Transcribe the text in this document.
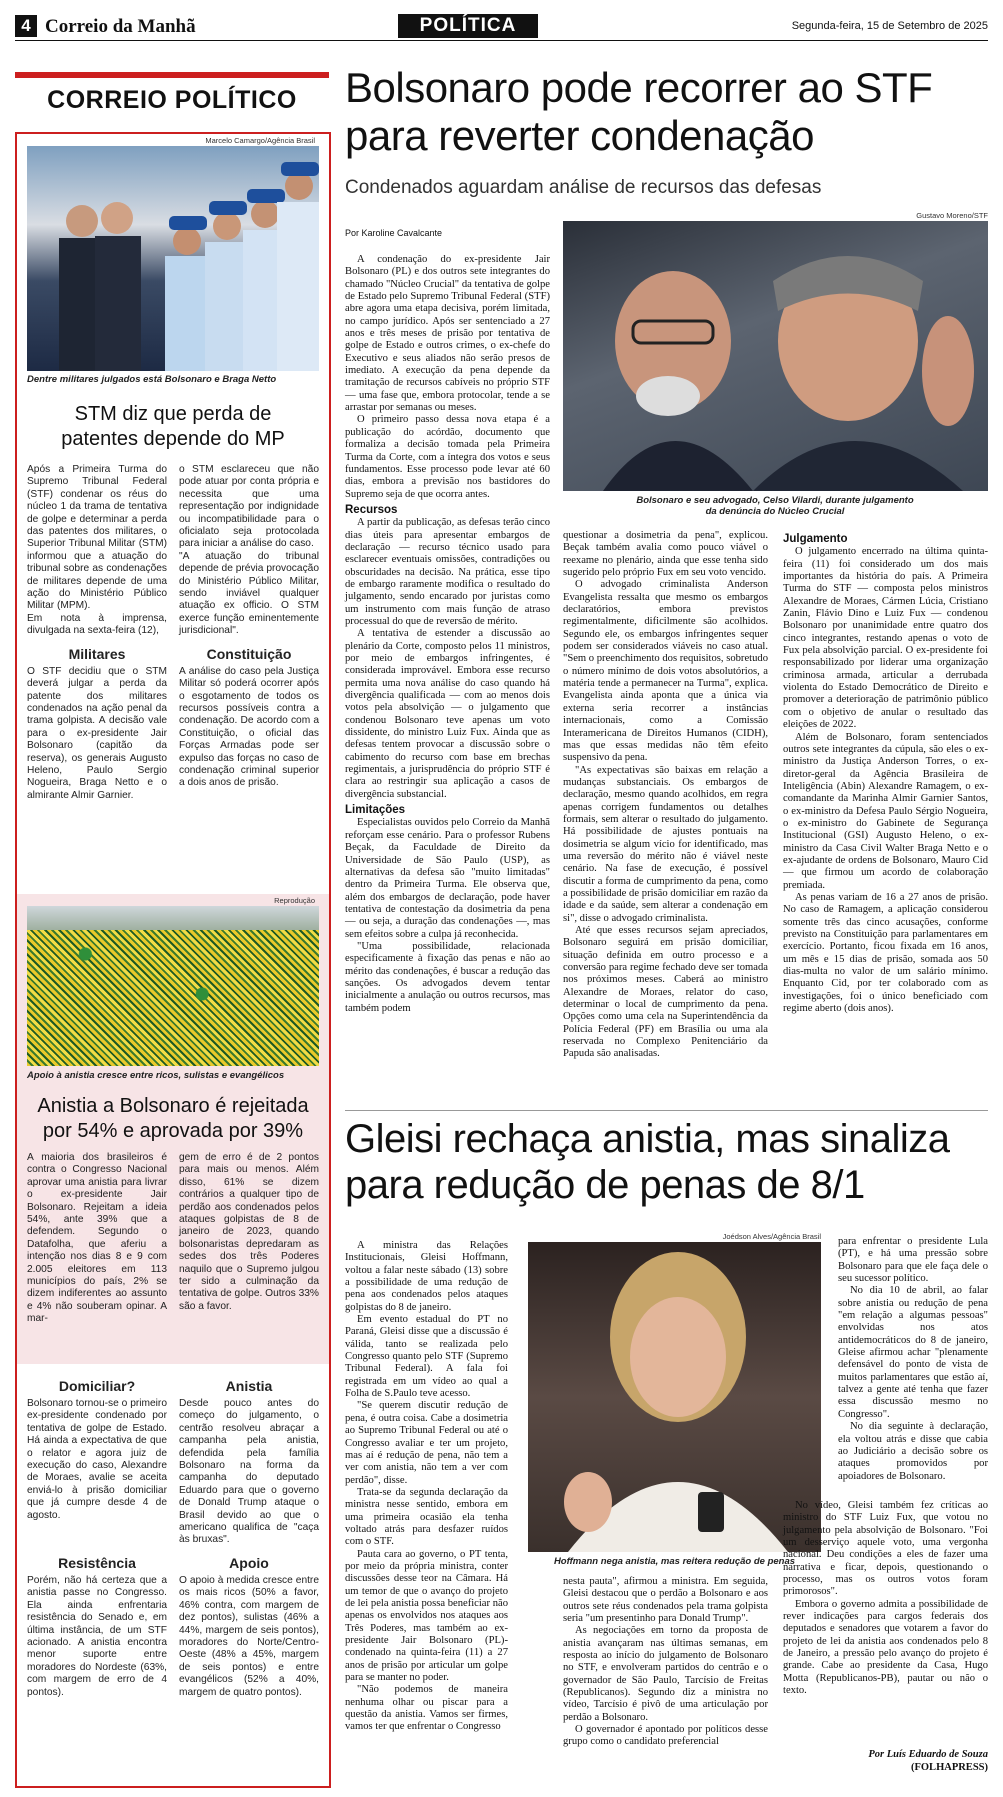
4 Correio da Manhã	POLÍTICA	Segunda-feira, 15 de Setembro de 2025
CORREIO POLÍTICO
Marcelo Camargo/Agência Brasil
Dentre militares julgados está Bolsonaro e Braga Netto
STM diz que perda de patentes depende do MP

Após a Primeira Turma do Supremo Tribunal Federal (STF) condenar os réus do núcleo 1 da trama de tentativa de golpe e determinar a perda das patentes dos militares, o Superior Tribunal Militar (STM) informou que a atuação do tribunal sobre as condenações de militares depende de uma ação do Ministério Público Militar (MPM).

Em nota à imprensa, divulgada na sexta-feira (12),

o STM esclareceu que não pode atuar por conta própria e necessita que uma representação por indignidade ou incompatibilidade para o oficialato seja protocolada para iniciar a análise do caso.

"A atuação do tribunal depende de prévia provocação do Ministério Público Militar, sendo inviável qualquer atuação ex officio. O STM exerce função eminentemente jurisdicional".

Militares

O STF decidiu que o STM deverá julgar a perda da patente dos militares condenados na ação penal da trama golpista. A decisão vale para o ex-presidente Jair Bolsonaro (capitão da reserva), os generais Augusto Heleno, Paulo Sergio Nogueira, Braga Netto e o almirante Almir Garnier.

Constituição

A análise do caso pela Justiça Militar só poderá ocorrer após o esgotamento de todos os recursos possíveis contra a condenação. De acordo com a Constituição, o oficial das Forças Armadas pode ser expulso das forças no caso de condenação criminal superior a dois anos de prisão.

Reprodução
Apoio à anistia cresce entre ricos, sulistas e evangélicos
Anistia a Bolsonaro é rejeitada por 54% e aprovada por 39%

A maioria dos brasileiros é contra o Congresso Nacional aprovar uma anistia para livrar o ex-presidente Jair Bolsonaro. Rejeitam a ideia 54%, ante 39% que a defendem. Segundo o Datafolha, que aferiu a intenção nos dias 8 e 9 com 2.005 eleitores em 113 municípios do país, 2% se dizem indiferentes ao assunto e 4% não souberam opinar. A mar-

gem de erro é de 2 pontos para mais ou menos. Além disso, 61% se dizem contrários a qualquer tipo de perdão aos condenados pelos ataques golpistas de 8 de janeiro de 2023, quando bolsonaristas depredaram as sedes dos três Poderes naquilo que o Supremo julgou ter sido a culminação da tentativa de golpe. Outros 33% são a favor.

Domiciliar?

Bolsonaro tornou-se o primeiro ex-presidente condenado por tentativa de golpe de Estado. Há ainda a expectativa de que o relator e agora juiz de execução do caso, Alexandre de Moraes, avalie se aceita enviá-lo à prisão domiciliar que já cumpre desde 4 de agosto.

Anistia

Desde pouco antes do começo do julgamento, o centrão resolveu abraçar a campanha pela anistia, defendida pela família Bolsonaro na forma da campanha do deputado Eduardo para que o governo de Donald Trump ataque o Brasil devido ao que o americano qualifica de "caça às bruxas".

Resistência

Porém, não há certeza que a anistia passe no Congresso. Ela ainda enfrentaria resistência do Senado e, em última instância, de um STF acionado. A anistia encontra menor suporte entre moradores do Nordeste (63%, com margem de erro de 4 pontos).

Apoio

O apoio à medida cresce entre os mais ricos (50% a favor, 46% contra, com margem de dez pontos), sulistas (46% a 44%, margem de seis pontos), moradores do Norte/Centro-Oeste (48% a 45%, margem de seis pontos) e entre evangélicos (52% a 40%, margem de quatro pontos).

Bolsonaro pode recorrer ao STF para reverter condenação
Condenados aguardam análise de recursos das defesas
Por Karoline Cavalcante
Gustavo Moreno/STF
Bolsonaro e seu advogado, Celso Vilardi, durante julgamento da denúncia do Núcleo Crucial

A condenação do ex-presidente Jair Bolsonaro (PL) e dos outros sete integrantes do chamado "Núcleo Crucial" da tentativa de golpe de Estado pelo Supremo Tribunal Federal (STF) abre agora uma etapa decisiva, porém limitada, no campo jurídico. Após ser sentenciado a 27 anos e três meses de prisão por tentativa de golpe de Estado e outros crimes, o ex-chefe do Executivo e seus aliados não serão presos de imediato. A execução da pena depende da tramitação de recursos cabíveis no próprio STF — uma fase que, embora protocolar, tende a se arrastar por semanas ou meses.

O primeiro passo dessa nova etapa é a publicação do acórdão, documento que formaliza a decisão tomada pela Primeira Turma da Corte, com a íntegra dos votos e seus fundamentos. Esse processo pode levar até 60 dias, embora a previsão nos bastidores do Supremo seja de que ocorra antes.

Recursos

A partir da publicação, as defesas terão cinco dias úteis para apresentar embargos de declaração — recurso técnico usado para esclarecer eventuais omissões, contradições ou obscuridades na decisão. Na prática, esse tipo de embargo raramente modifica o resultado do julgamento, sendo encarado por juristas como um instrumento com mais função de atraso processual do que de reversão de mérito.

A tentativa de estender a discussão ao plenário da Corte, composto pelos 11 ministros, por meio de embargos infringentes, é considerada improvável. Embora esse recurso permita uma nova análise do caso quando há divergência qualificada — com ao menos dois votos pela absolvição — o julgamento que condenou Bolsonaro teve apenas um voto dissidente, do ministro Luiz Fux. Ainda que as defesas tentem provocar a discussão sobre o cabimento do recurso com base em brechas regimentais, a jurisprudência do próprio STF é clara ao restringir sua aplicação a casos de divergência substancial.

Limitações

Especialistas ouvidos pelo Correio da Manhã reforçam esse cenário. Para o professor Rubens Beçak, da Faculdade de Direito da Universidade de São Paulo (USP), as alternativas da defesa são "muito limitadas" dentro da Primeira Turma. Ele observa que, além dos embargos de declaração, pode haver tentativa de contestação da dosimetria da pena — ou seja, a duração das condenações —, mas sem efeitos sobre a culpa já reconhecida.

"Uma possibilidade, relacionada especificamente à fixação das penas e não ao mérito das condenações, é buscar a redução das sanções. Os advogados devem tentar inicialmente a anulação ou outros recursos, mas também podem

questionar a dosimetria da pena", explicou. Beçak também avalia como pouco viável o reexame no plenário, ainda que esse tenha sido sugerido pelo próprio Fux em seu voto vencido.

O advogado criminalista Anderson Evangelista ressalta que mesmo os embargos declaratórios, embora previstos regimentalmente, dificilmente são acolhidos. Segundo ele, os embargos infringentes sequer podem ser considerados viáveis no caso atual. "Sem o preenchimento dos requisitos, sobretudo o número mínimo de dois votos absolutórios, a matéria tende a permanecer na Turma", explica. Evangelista ainda aponta que a única via externa seria recorrer a instâncias internacionais, como a Comissão Interamericana de Direitos Humanos (CIDH), mas que essas medidas não têm efeito suspensivo da pena.

"As expectativas são baixas em relação a mudanças substanciais. Os embargos de declaração, mesmo quando acolhidos, em regra apenas corrigem fundamentos ou detalhes formais, sem alterar o resultado do julgamento. Há possibilidade de ajustes pontuais na dosimetria se algum vício for identificado, mas uma reversão do mérito não é viável neste cenário. Na fase de execução, é possível discutir a forma de cumprimento da pena, como a possibilidade de prisão domiciliar em razão da idade e da saúde, sem alterar a condenação em si", disse o advogado criminalista.

Até que esses recursos sejam apreciados, Bolsonaro seguirá em prisão domiciliar, situação definida em outro processo e a conversão para regime fechado deve ser tomada nos próximos meses. Caberá ao ministro Alexandre de Moraes, relator do caso, determinar o local de cumprimento da pena. Opções como uma cela na Superintendência da Polícia Federal (PF) em Brasília ou uma ala reservada no Complexo Penitenciário da Papuda são analisadas.

Julgamento

O julgamento encerrado na última quinta-feira (11) foi considerado um dos mais importantes da história do país. A Primeira Turma do STF — composta pelos ministros Alexandre de Moraes, Cármen Lúcia, Cristiano Zanin, Flávio Dino e Luiz Fux — condenou Bolsonaro por unanimidade entre quatro dos cinco integrantes, restando apenas o voto de Fux pela absolvição parcial. O ex-presidente foi responsabilizado por liderar uma organização criminosa armada, articular a derrubada violenta do Estado Democrático de Direito e promover a deterioração de patrimônio público com o objetivo de anular o resultado das eleições de 2022.

Além de Bolsonaro, foram sentenciados outros sete integrantes da cúpula, são eles o ex-ministro da Justiça Anderson Torres, o ex-diretor-geral da Agência Brasileira de Inteligência (Abin) Alexandre Ramagem, o ex-comandante da Marinha Almir Garnier Santos, o ex-ministro da Defesa Paulo Sérgio Nogueira, o ex-ministro do Gabinete de Segurança Institucional (GSI) Augusto Heleno, o ex-ministro da Casa Civil Walter Braga Netto e o ex-ajudante de ordens de Bolsonaro, Mauro Cid — que firmou um acordo de colaboração premiada.

As penas variam de 16 a 27 anos de prisão. No caso de Ramagem, a aplicação considerou somente três das cinco acusações, conforme previsto na Constituição para parlamentares em exercício. Portanto, ficou fixada em 16 anos, um mês e 15 dias de prisão, somada aos 50 dias-multa no valor de um salário mínimo. Enquanto Cid, por ter colaborado com as investigações, foi o único beneficiado com regime aberto (dois anos).

Gleisi rechaça anistia, mas sinaliza para redução de penas de 8/1

A ministra das Relações Institucionais, Gleisi Hoffmann, voltou a falar neste sábado (13) sobre a possibilidade de uma redução de pena aos condenados pelos ataques golpistas do 8 de janeiro.

Em evento estadual do PT no Paraná, Gleisi disse que a discussão é válida, tanto se realizada pelo Congresso quanto pelo STF (Supremo Tribunal Federal). A fala foi registrada em um vídeo ao qual a Folha de S.Paulo teve acesso.

"Se querem discutir redução de pena, é outra coisa. Cabe a dosimetria ao Supremo Tribunal Federal ou até o Congresso avaliar e ter um projeto, mas aí é redução de pena, não tem a ver com anistia, não tem a ver com perdão", disse.

Trata-se da segunda declaração da ministra nesse sentido, embora em uma primeira ocasião ela tenha voltado atrás para desfazer ruídos com o STF.

Pauta cara ao governo, o PT tenta, por meio da própria ministra, conter discussões desse teor na Câmara. Há um temor de que o avanço do projeto de lei pela anistia possa beneficiar não apenas os envolvidos nos ataques aos Três Poderes, mas também ao ex-presidente Jair Bolsonaro (PL)-condenado na quinta-feira (11) a 27 anos de prisão por articular um golpe para se manter no poder.

"Não podemos de maneira nenhuma olhar ou piscar para a questão da anistia. Vamos ser firmes, vamos ter que enfrentar o Congresso

Joédson Alves/Agência Brasil
Hoffmann nega anistia, mas reitera redução de penas

nesta pauta", afirmou a ministra. Em seguida, Gleisi destacou que o perdão a Bolsonaro e aos outros sete réus condenados pela trama golpista seria "um presentinho para Donald Trump".

As negociações em torno da proposta de anistia avançaram nas últimas semanas, em resposta ao início do julgamento de Bolsonaro no STF, e envolveram partidos do centrão e o governador de São Paulo, Tarcísio de Freitas (Republicanos). Segundo diz a ministra no vídeo, Tarcísio é pivô de uma articulação por perdão a Bolsonaro.

O governador é apontado por políticos desse grupo como o candidato preferencial

para enfrentar o presidente Lula (PT), e há uma pressão sobre Bolsonaro para que ele faça dele o seu sucessor político.

No dia 10 de abril, ao falar sobre anistia ou redução de pena "em relação a algumas pessoas" envolvidas nos atos antidemocráticos do 8 de janeiro, Gleise afirmou achar "plenamente defensável do ponto de vista de muitos parlamentares que estão aí, talvez a gente até tenha que fazer essa discussão mesmo no Congresso".

No dia seguinte à declaração, ela voltou atrás e disse que cabia ao Judiciário a decisão sobre os ataques promovidos por apoiadores de Bolsonaro.

No vídeo, Gleisi também fez críticas ao ministro do STF Luiz Fux, que votou no julgamento pela absolvição de Bolsonaro. "Foi um desserviço aquele voto, uma vergonha nacional. Deu condições a eles de fazer uma narrativa e ficar, depois, questionando o processo, mas os outros votos foram primorosos".

Embora o governo admita a possibilidade de rever indicações para cargos federais dos deputados e senadores que votarem a favor do projeto de lei da anistia aos condenados pelo 8 de Janeiro, a pressão pelo avanço do projeto é grande. Cabe ao presidente da Casa, Hugo Motta (Republicanos-PB), pautar ou não o texto.

Por Luís Eduardo de Souza
(FOLHAPRESS)
